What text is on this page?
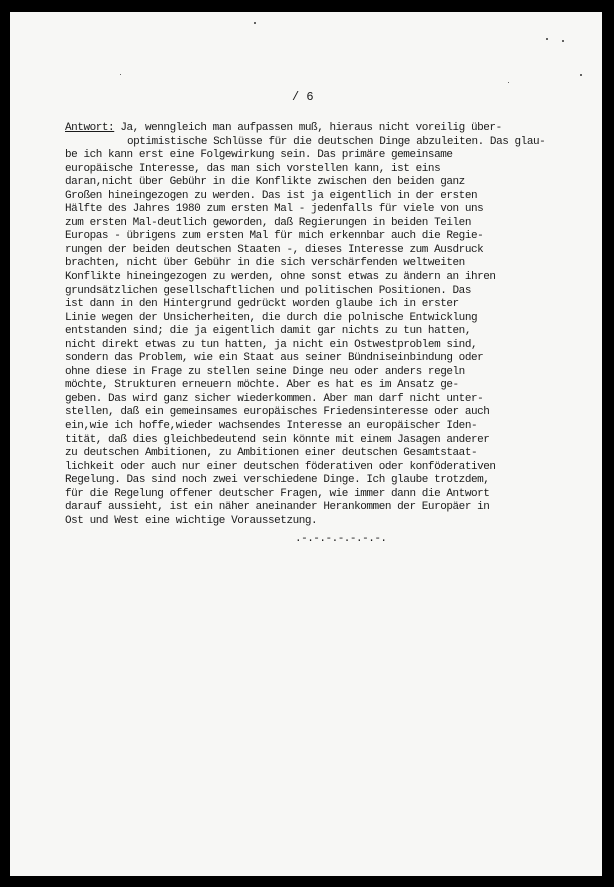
/ 6
Antwort: Ja, wenngleich man aufpassen muß, hieraus nicht voreilig über-
optimistische Schlüsse für die deutschen Dinge abzuleiten. Das glau-
be ich kann erst eine Folgewirkung sein. Das primäre gemeinsame
europäische Interesse, das man sich vorstellen kann, ist eins
daran,nicht über Gebühr in die Konflikte zwischen den beiden ganz
Großen hineingezogen zu werden. Das ist ja eigentlich in der ersten
Hälfte des Jahres 1980 zum ersten Mal - jedenfalls für viele von uns
zum ersten Mal-deutlich geworden, daß Regierungen in beiden Teilen
Europas - übrigens zum ersten Mal für mich erkennbar auch die Regie-
rungen der beiden deutschen Staaten -, dieses Interesse zum Ausdruck
brachten, nicht über Gebühr in die sich verschärfenden weltweiten
Konflikte hineingezogen zu werden, ohne sonst etwas zu ändern an ihren
grundsätzlichen gesellschaftlichen und politischen Positionen. Das
ist dann in den Hintergrund gedrückt worden glaube ich in erster
Linie wegen der Unsicherheiten, die durch die polnische Entwicklung
entstanden sind; die ja eigentlich damit gar nichts zu tun hatten,
nicht direkt etwas zu tun hatten, ja nicht ein Ostwestproblem sind,
sondern das Problem, wie ein Staat aus seiner Bündniseinbindung oder
ohne diese in Frage zu stellen seine Dinge neu oder anders regeln
möchte, Strukturen erneuern möchte. Aber es hat es im Ansatz ge-
geben. Das wird ganz sicher wiederkommen. Aber man darf nicht unter-
stellen, daß ein gemeinsames europäisches Friedensinteresse oder auch
ein,wie ich hoffe,wieder wachsendes Interesse an europäischer Iden-
tität, daß dies gleichbedeutend sein könnte mit einem Jasagen anderer
zu deutschen Ambitionen, zu Ambitionen einer deutschen Gesamtstaat-
lichkeit oder auch nur einer deutschen föderativen oder konföderativen
Regelung. Das sind noch zwei verschiedene Dinge. Ich glaube trotzdem,
für die Regelung offener deutscher Fragen, wie immer dann die Antwort
darauf aussieht, ist ein näher aneinander Herankommen der Europäer in
Ost und West eine wichtige Voraussetzung.
.-.-.-.-.-.-.-.
